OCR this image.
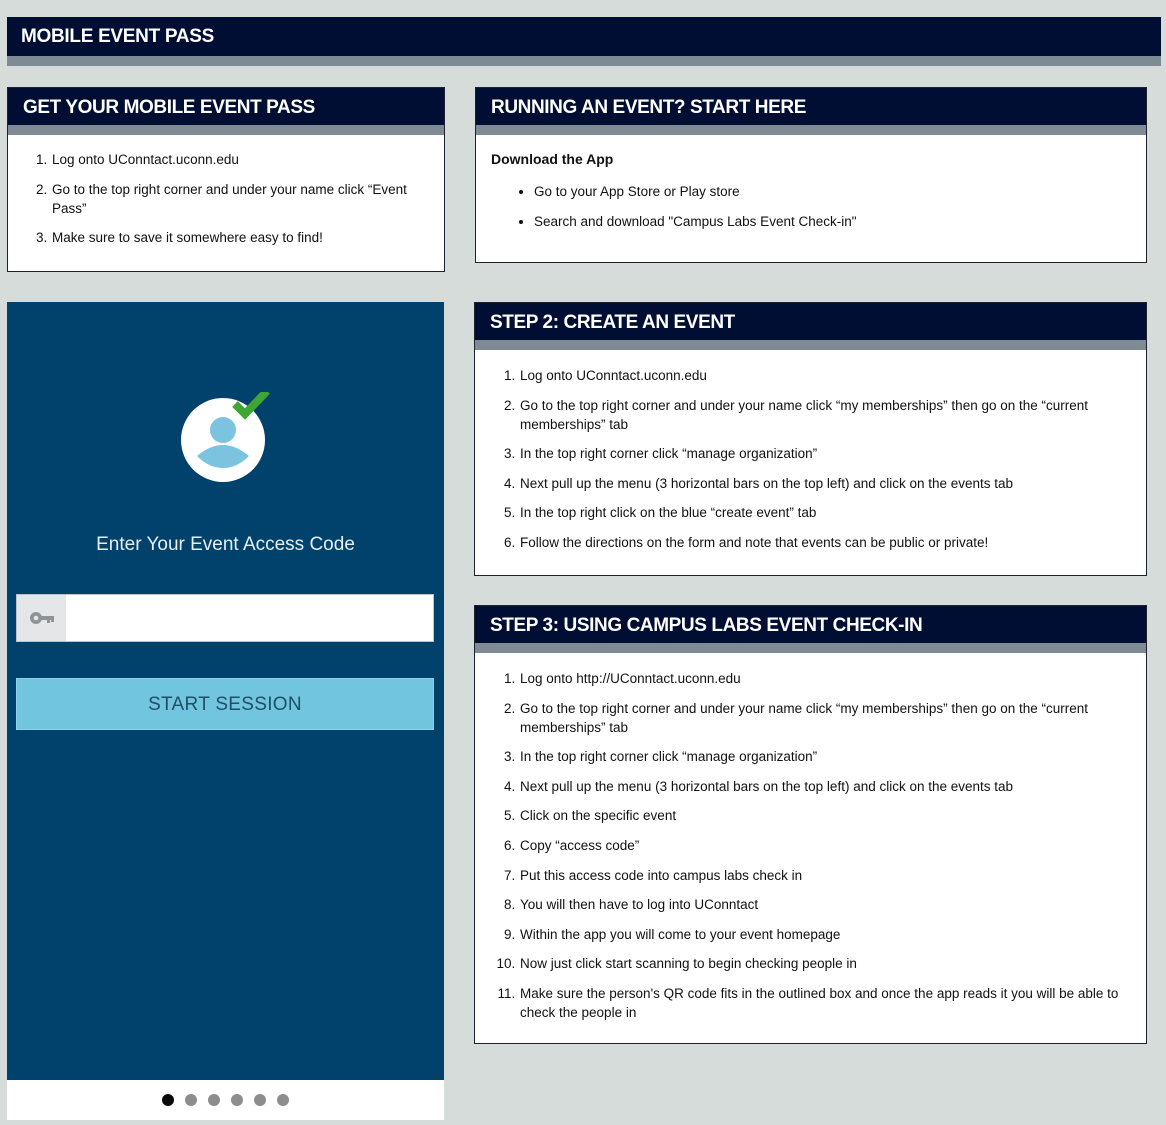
MOBILE EVENT PASS
GET YOUR MOBILE EVENT PASS
1. Log onto UConntact.uconn.edu
2. Go to the top right corner and under your name click “Event Pass”
3. Make sure to save it somewhere easy to find!
RUNNING AN EVENT? START HERE
Download the App
• Go to your App Store or Play store
• Search and download "Campus Labs Event Check-in"
Enter Your Event Access Code
START SESSION
STEP 2: CREATE AN EVENT
1. Log onto UConntact.uconn.edu
2. Go to the top right corner and under your name click “my memberships” then go on the “current memberships” tab
3. In the top right corner click “manage organization”
4. Next pull up the menu (3 horizontal bars on the top left) and click on the events tab
5. In the top right click on the blue “create event” tab
6. Follow the directions on the form and note that events can be public or private!
STEP 3: USING CAMPUS LABS EVENT CHECK-IN
1. Log onto http://UConntact.uconn.edu
2. Go to the top right corner and under your name click “my memberships” then go on the “current memberships” tab
3. In the top right corner click “manage organization”
4. Next pull up the menu (3 horizontal bars on the top left) and click on the events tab
5. Click on the specific event
6. Copy “access code”
7. Put this access code into campus labs check in
8. You will then have to log into UConntact
9. Within the app you will come to your event homepage
10. Now just click start scanning to begin checking people in
11. Make sure the person's QR code fits in the outlined box and once the app reads it you will be able to check the people in
